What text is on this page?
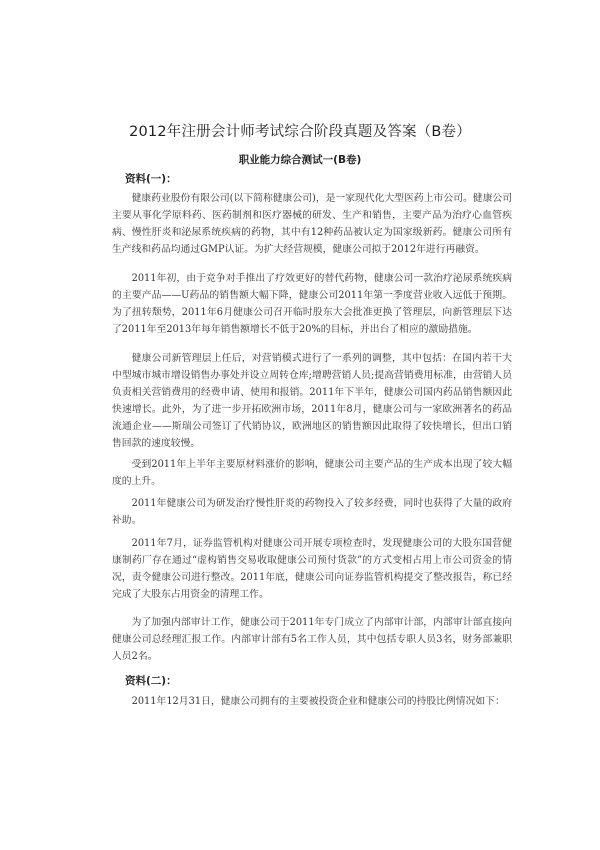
2012年注册会计师考试综合阶段真题及答案（B卷）
职业能力综合测试一(B卷)
资料(一)：

健康药业股份有限公司(以下简称健康公司)，是一家现代化大型医药上市公司。健康公司主要从事化学原料药、医药制剂和医疗器械的研发、生产和销售，主要产品为治疗心血管疾病、慢性肝炎和泌尿系统疾病的药物，其中有12种药品被认定为国家级新药。健康公司所有生产线和药品均通过GMP认证。为扩大经营规模，健康公司拟于2012年进行再融资。

2011年初，由于竞争对手推出了疗效更好的替代药物，健康公司一款治疗泌尿系统疾病的主要产品——U药品的销售额大幅下降，健康公司2011年第一季度营业收入远低于预期。为了扭转颓势，2011年6月健康公司召开临时股东大会批准更换了管理层，向新管理层下达了2011年至2013年每年销售额增长不低于20%的目标，并出台了相应的激励措施。

健康公司新管理层上任后，对营销模式进行了一系列的调整，其中包括：在国内若干大中型城市城市增设销售办事处并设立周转仓库;增聘营销人员;提高营销费用标准，由营销人员负责相关营销费用的经费申请、使用和报销。2011年下半年，健康公司国内药品销售额因此快速增长。此外，为了进一步开拓欧洲市场，2011年8月，健康公司与一家欧洲著名的药品流通企业——斯瑞公司签订了代销协议，欧洲地区的销售额因此取得了较快增长，但出口销售回款的速度较慢。

受到2011年上半年主要原材料涨价的影响，健康公司主要产品的生产成本出现了较大幅度的上升。

2011年健康公司为研发治疗慢性肝炎的药物投入了较多经费，同时也获得了大量的政府补助。

2011年7月，证券监管机构对健康公司开展专项检查时，发现健康公司的大股东国营健康制药厂存在通过“虚构销售交易收取健康公司预付货款”的方式变相占用上市公司资金的情况，责令健康公司进行整改。2011年底，健康公司向证券监管机构提交了整改报告，称已经完成了大股东占用资金的清理工作。

为了加强内部审计工作，健康公司于2011年专门成立了内部审计部，内部审计部直接向健康公司总经理汇报工作。内部审计部有5名工作人员，其中包括专职人员3名，财务部兼职人员2名。

资料(二)：

2011年12月31日，健康公司拥有的主要被投资企业和健康公司的持股比例情况如下：
